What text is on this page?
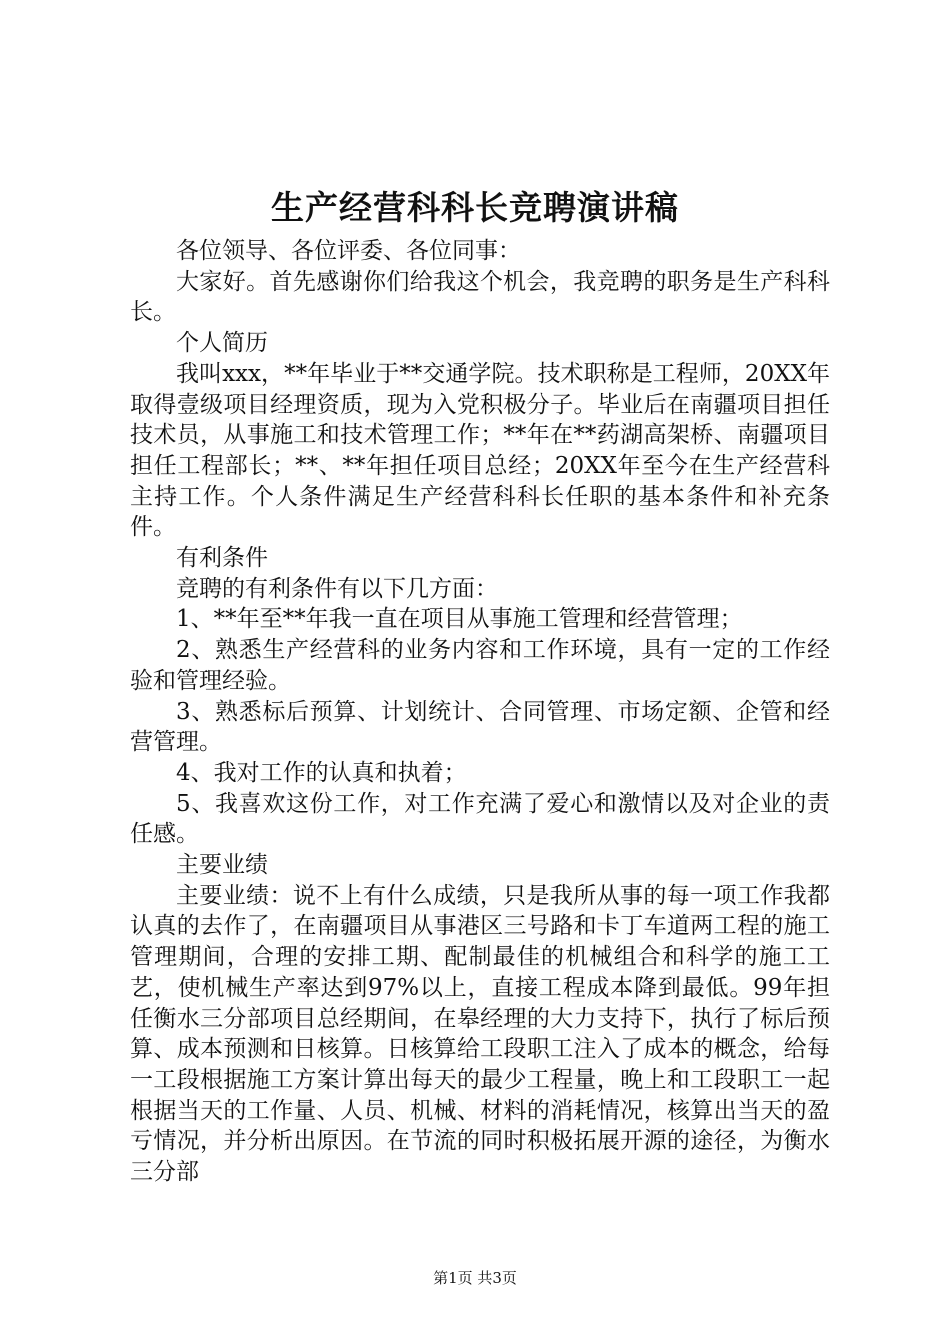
生产经营科科长竞聘演讲稿

各位领导、各位评委、各位同事：

大家好。首先感谢你们给我这个机会，我竞聘的职务是生产科科长。

个人简历

我叫xxx，**年毕业于**交通学院。技术职称是工程师，20XX年取得壹级项目经理资质，现为入党积极分子。毕业后在南疆项目担任技术员，从事施工和技术管理工作；**年在**药湖高架桥、南疆项目担任工程部长；**、**年担任项目总经；20XX年至今在生产经营科主持工作。个人条件满足生产经营科科长任职的基本条件和补充条件。

有利条件

竞聘的有利条件有以下几方面：

1、**年至**年我一直在项目从事施工管理和经营管理；

2、熟悉生产经营科的业务内容和工作环境，具有一定的工作经验和管理经验。

3、熟悉标后预算、计划统计、合同管理、市场定额、企管和经营管理。

4、我对工作的认真和执着；

5、我喜欢这份工作，对工作充满了爱心和激情以及对企业的责任感。

主要业绩

主要业绩：说不上有什么成绩，只是我所从事的每一项工作我都认真的去作了，在南疆项目从事港区三号路和卡丁车道两工程的施工管理期间，合理的安排工期、配制最佳的机械组合和科学的施工工艺，使机械生产率达到97%以上，直接工程成本降到最低。99年担任衡水三分部项目总经期间，在皋经理的大力支持下，执行了标后预算、成本预测和日核算。日核算给工段职工注入了成本的概念，给每一工段根据施工方案计算出每天的最少工程量，晚上和工段职工一起根据当天的工作量、人员、机械、材料的消耗情况，核算出当天的盈亏情况，并分析出原因。在节流的同时积极拓展开源的途径，为衡水三分部

第1页 共3页
